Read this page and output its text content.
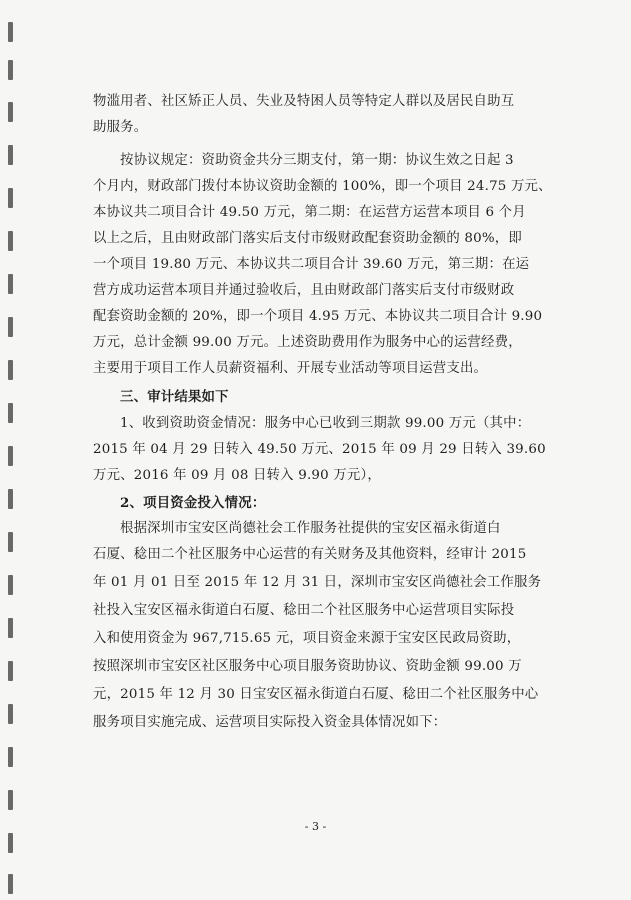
物滥用者、社区矫正人员、失业及特困人员等特定人群以及居民自助互
助服务。
按协议规定：资助资金共分三期支付，第一期：协议生效之日起 3
个月内，财政部门拨付本协议资助金额的 100%，即一个项目 24.75 万元、
本协议共二项目合计 49.50 万元，第二期：在运营方运营本项目 6 个月
以上之后，且由财政部门落实后支付市级财政配套资助金额的 80%，即
一个项目 19.80 万元、本协议共二项目合计 39.60 万元，第三期：在运
营方成功运营本项目并通过验收后，且由财政部门落实后支付市级财政
配套资助金额的 20%，即一个项目 4.95 万元、本协议共二项目合计 9.90
万元，总计金额 99.00 万元。上述资助费用作为服务中心的运营经费，
主要用于项目工作人员薪资福利、开展专业活动等项目运营支出。
三、审计结果如下
1、收到资助资金情况：服务中心已收到三期款 99.00 万元（其中：
2015 年 04 月 29 日转入 49.50 万元、2015 年 09 月 29 日转入 39.60
万元、2016 年 09 月 08 日转入 9.90 万元），
2、项目资金投入情况：
根据深圳市宝安区尚德社会工作服务社提供的宝安区福永街道白
石厦、稔田二个社区服务中心运营的有关财务及其他资料，经审计 2015
年 01 月 01 日至 2015 年 12 月 31 日，深圳市宝安区尚德社会工作服务
社投入宝安区福永街道白石厦、稔田二个社区服务中心运营项目实际投
入和使用资金为 967,715.65 元，项目资金来源于宝安区民政局资助，
按照深圳市宝安区社区服务中心项目服务资助协议、资助金额 99.00 万
元，2015 年 12 月 30 日宝安区福永街道白石厦、稔田二个社区服务中心
服务项目实施完成、运营项目实际投入资金具体情况如下：
- 3 -
